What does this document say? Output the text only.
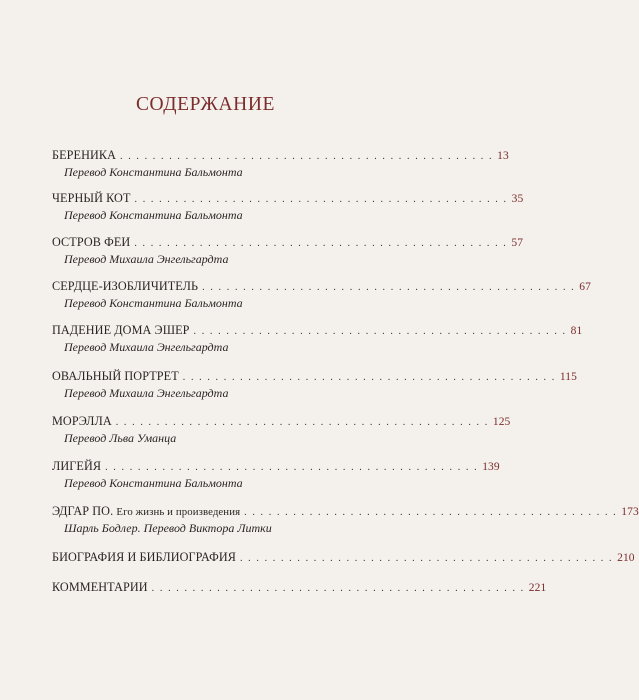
СОДЕРЖАНИЕ
БЕРЕНИКА . . . . . . . . . . . . . . . . . . . . . . . . . . . . . . . . . . . . . . . . . . . . . . 13
Перевод Константина Бальмонта
ЧЕРНЫЙ КОТ . . . . . . . . . . . . . . . . . . . . . . . . . . . . . . . . . . . . . . . . . . . . . . 35
Перевод Константина Бальмонта
ОСТРОВ ФЕИ . . . . . . . . . . . . . . . . . . . . . . . . . . . . . . . . . . . . . . . . . . . . . . 57
Перевод Михаила Энгельгардта
СЕРДЦЕ-ИЗОБЛИЧИТЕЛЬ . . . . . . . . . . . . . . . . . . . . . . . . . . . . . . . . . . . . . . . . . . . . . . 67
Перевод Константина Бальмонта
ПАДЕНИЕ ДОМА ЭШЕР . . . . . . . . . . . . . . . . . . . . . . . . . . . . . . . . . . . . . . . . . . . . . . 81
Перевод Михаила Энгельгардта
ОВАЛЬНЫЙ ПОРТРЕТ . . . . . . . . . . . . . . . . . . . . . . . . . . . . . . . . . . . . . . . . . . . . . . 115
Перевод Михаила Энгельгардта
МОРЭЛЛА . . . . . . . . . . . . . . . . . . . . . . . . . . . . . . . . . . . . . . . . . . . . . . 125
Перевод Льва Уманца
ЛИГЕЙЯ . . . . . . . . . . . . . . . . . . . . . . . . . . . . . . . . . . . . . . . . . . . . . . 139
Перевод Константина Бальмонта
ЭДГАР ПО. Его жизнь и произведения . . . . . . . . . . . . . . . . . . . . . . . . . . . . . . . . . . . . . . . . . . . . . . 173
Шарль Бодлер. Перевод Виктора Литки
БИОГРАФИЯ И БИБЛИОГРАФИЯ . . . . . . . . . . . . . . . . . . . . . . . . . . . . . . . . . . . . . . . . . . . . . . 210
КОММЕНТАРИИ . . . . . . . . . . . . . . . . . . . . . . . . . . . . . . . . . . . . . . . . . . . . . . 221
